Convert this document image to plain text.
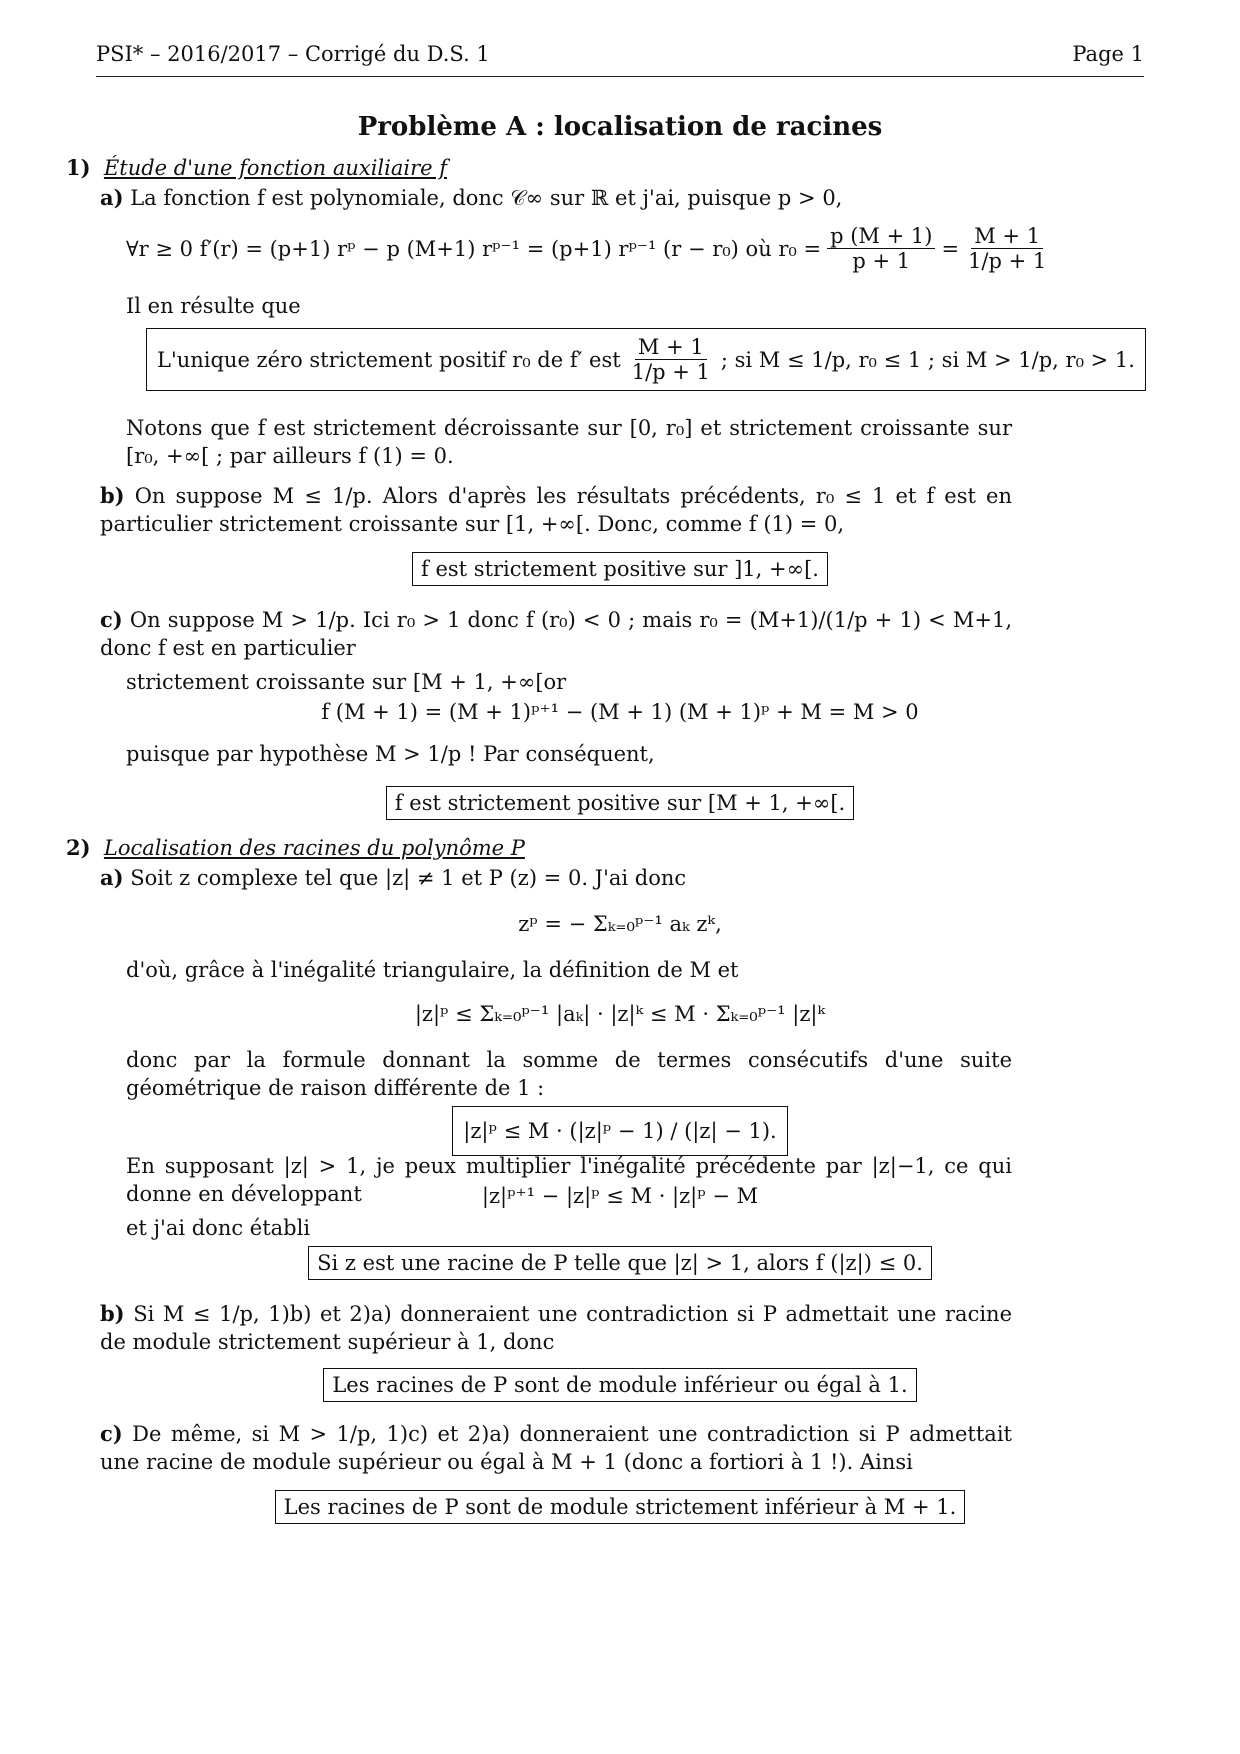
PSI* – 2016/2017 – Corrigé du D.S. 1	Page 1
Problème A : localisation de racines
1) Étude d'une fonction auxiliaire f
a) La fonction f est polynomiale, donc 𝒞∞ sur ℝ et j'ai, puisque p > 0,
∀r ≥ 0 f′(r) = (p+1) rᵖ − p (M+1) rᵖ⁻¹ = (p+1) rᵖ⁻¹ (r − r₀) où $r_0 = \frac{p (M + 1)}{p + 1} = \frac{M + 1}{1/p + 1}$
Il en résulte que
L'unique zéro strictement positif r₀ de f′ est $\frac{M + 1}{1/p + 1}$ ; si M ≤ 1/p, r₀ ≤ 1 ; si M > 1/p, r₀ > 1.
Notons que f est strictement décroissante sur [0, r₀] et strictement croissante sur [r₀, +∞[ ; par ailleurs f (1) = 0.
b) On suppose M ≤ 1/p. Alors d'après les résultats précédents, r₀ ≤ 1 et f est en particulier strictement croissante sur [1, +∞[. Donc, comme f (1) = 0,
f est strictement positive sur ]1, +∞[.
c) On suppose M > 1/p. Ici r₀ > 1 donc f (r₀) < 0 ; mais r₀ = (M+1)/(1/p + 1) < M+1, donc f est en particulier
strictement croissante sur [M + 1, +∞[or
f (M + 1) = (M + 1)ᵖ⁺¹ − (M + 1) (M + 1)ᵖ + M = M > 0
puisque par hypothèse M > 1/p ! Par conséquent,
f est strictement positive sur [M + 1, +∞[.
2) Localisation des racines du polynôme P
a) Soit z complexe tel que |z| ≠ 1 et P (z) = 0. J'ai donc
zᵖ = − Σₖ₌₀ᵖ⁻¹ aₖ zᵏ,
d'où, grâce à l'inégalité triangulaire, la définition de M et
|z|ᵖ ≤ Σₖ₌₀ᵖ⁻¹ |aₖ| · |z|ᵏ ≤ M · Σₖ₌₀ᵖ⁻¹ |z|ᵏ
donc par la formule donnant la somme de termes consécutifs d'une suite géométrique de raison différente de 1 :
|z|ᵖ ≤ M · (|z|ᵖ − 1) / (|z| − 1).
En supposant |z| > 1, je peux multiplier l'inégalité précédente par |z|−1, ce qui donne en développant	|z|ᵖ⁺¹ − |z|ᵖ ≤ M · |z|ᵖ − M
et j'ai donc établi
Si z est une racine de P telle que |z| > 1, alors f (|z|) ≤ 0.
b) Si M ≤ 1/p, 1)b) et 2)a) donneraient une contradiction si P admettait une racine de module strictement supérieur à 1, donc
Les racines de P sont de module inférieur ou égal à 1.
c) De même, si M > 1/p, 1)c) et 2)a) donneraient une contradiction si P admettait une racine de module supérieur ou égal à M + 1 (donc a fortiori à 1 !). Ainsi
Les racines de P sont de module strictement inférieur à M + 1.
